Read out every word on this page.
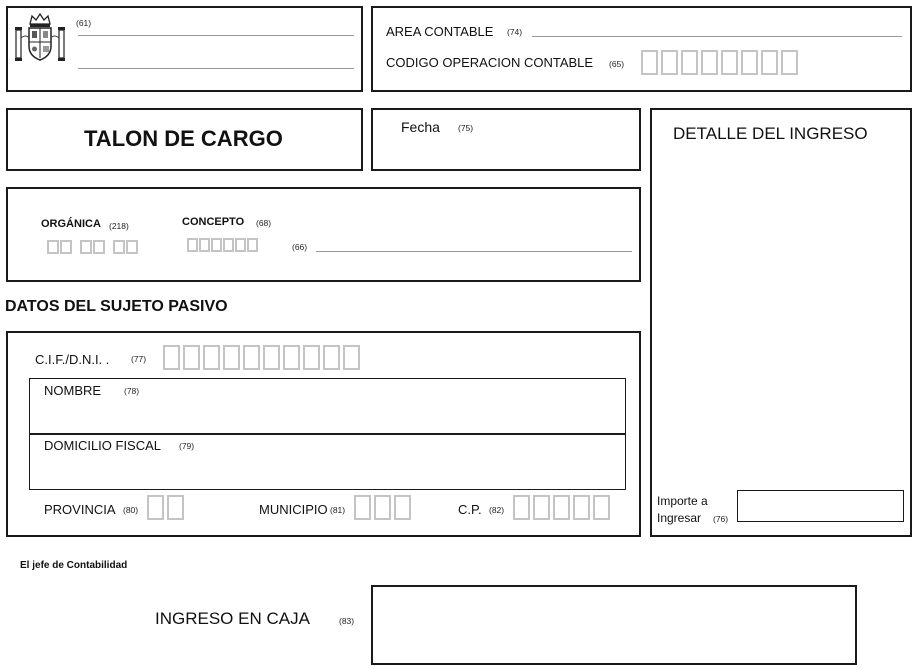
(61)
AREA CONTABLE (74)
CODIGO OPERACION CONTABLE (65)
TALON DE CARGO	Fecha (75)	DETALLE DEL INGRESO
Importe a
Ingresar (76)
ORGÁNICA (218)	CONCEPTO (68)
(66)
DATOS DEL SUJETO PASIVO
C.I.F./D.N.I. .	(77)
NOMBRE	(78)
DOMICILIO FISCAL (79)
PROVINCIA (80)	MUNICIPIO (81)	C.P. (82)
El jefe de Contabilidad
INGRESO EN CAJA	(83)
